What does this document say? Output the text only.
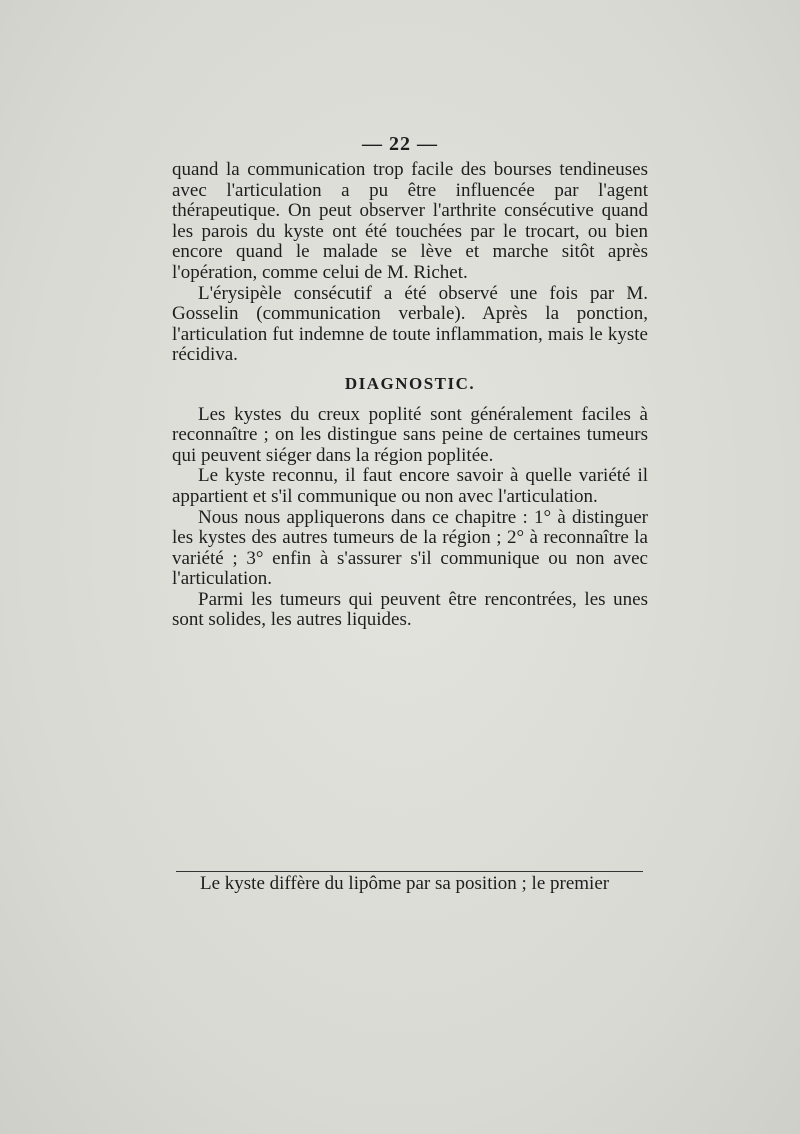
— 22 —

quand la communication trop facile des bourses tendineuses avec l'articulation a pu être influencée par l'agent thérapeutique. On peut observer l'arthrite consécutive quand les parois du kyste ont été touchées par le trocart, ou bien encore quand le malade se lève et marche sitôt après l'opération, comme celui de M. Richet.

L'érysipèle consécutif a été observé une fois par M. Gosselin (communication verbale). Après la ponction, l'articulation fut indemne de toute inflammation, mais le kyste récidiva.

DIAGNOSTIC.

Les kystes du creux poplité sont généralement faciles à reconnaître ; on les distingue sans peine de certaines tumeurs qui peuvent siéger dans la région poplitée.

Le kyste reconnu, il faut encore savoir à quelle variété il appartient et s'il communique ou non avec l'articulation.

Nous nous appliquerons dans ce chapitre : 1° à distinguer les kystes des autres tumeurs de la région ; 2° à reconnaître la variété ; 3° enfin à s'assurer s'il communique ou non avec l'articulation.

Parmi les tumeurs qui peuvent être rencontrées, les unes sont solides, les autres liquides.

Le kyste diffère du lipôme par sa position ; le premier
